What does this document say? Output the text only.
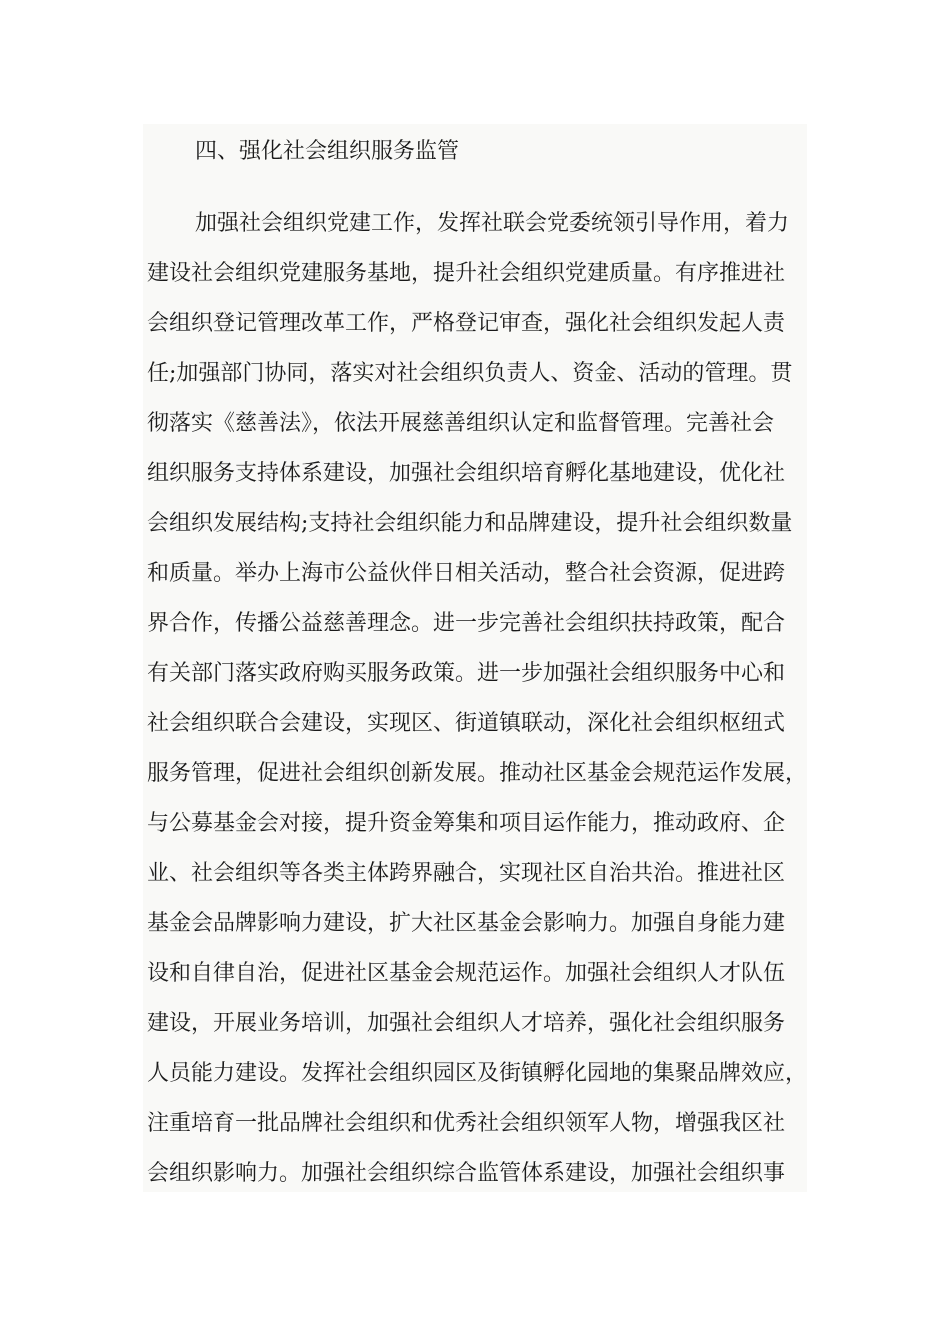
四、强化社会组织服务监管
加强社会组织党建工作，发挥社联会党委统领引导作用，着力
建设社会组织党建服务基地，提升社会组织党建质量。有序推进社
会组织登记管理改革工作，严格登记审查，强化社会组织发起人责
任;加强部门协同，落实对社会组织负责人、资金、活动的管理。贯
彻落实《慈善法》，依法开展慈善组织认定和监督管理。完善社会
组织服务支持体系建设，加强社会组织培育孵化基地建设，优化社
会组织发展结构;支持社会组织能力和品牌建设，提升社会组织数量
和质量。举办上海市公益伙伴日相关活动，整合社会资源，促进跨
界合作，传播公益慈善理念。进一步完善社会组织扶持政策，配合
有关部门落实政府购买服务政策。进一步加强社会组织服务中心和
社会组织联合会建设，实现区、街道镇联动，深化社会组织枢纽式
服务管理，促进社会组织创新发展。推动社区基金会规范运作发展，
与公募基金会对接，提升资金筹集和项目运作能力，推动政府、企
业、社会组织等各类主体跨界融合，实现社区自治共治。推进社区
基金会品牌影响力建设，扩大社区基金会影响力。加强自身能力建
设和自律自治，促进社区基金会规范运作。加强社会组织人才队伍
建设，开展业务培训，加强社会组织人才培养，强化社会组织服务
人员能力建设。发挥社会组织园区及街镇孵化园地的集聚品牌效应，
注重培育一批品牌社会组织和优秀社会组织领军人物，增强我区社
会组织影响力。加强社会组织综合监管体系建设，加强社会组织事
